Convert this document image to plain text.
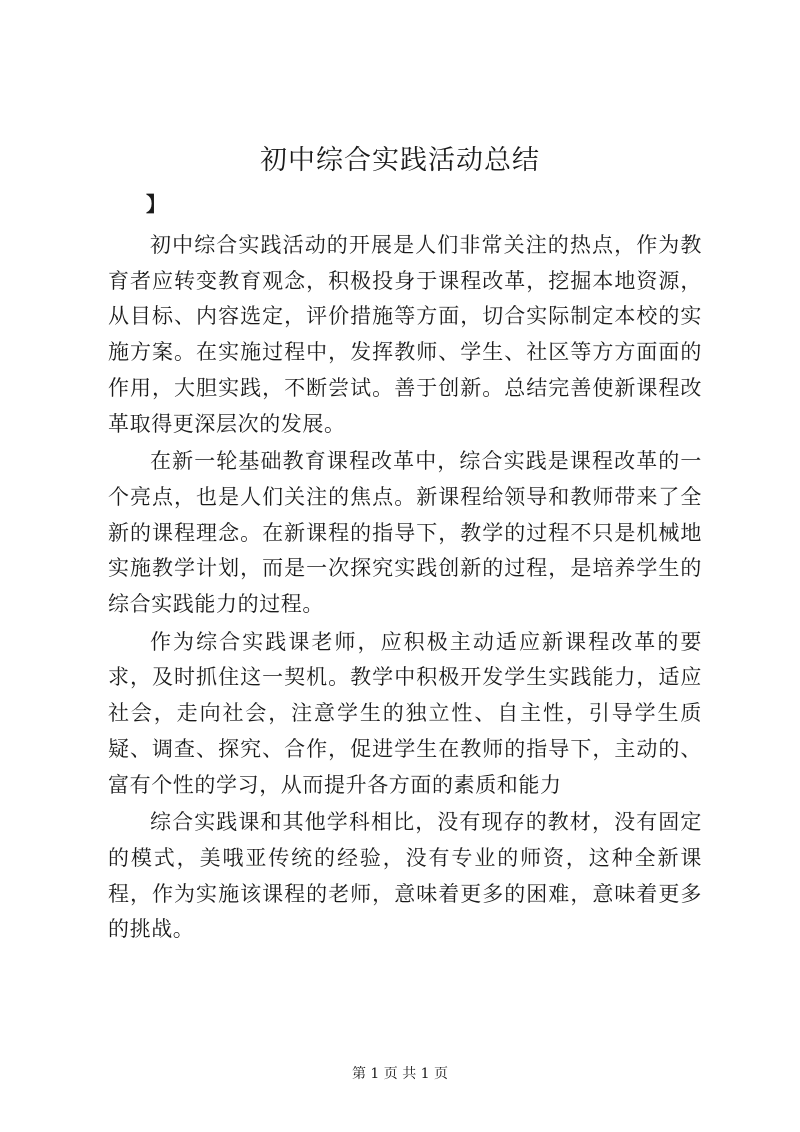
初中综合实践活动总结
】

初中综合实践活动的开展是人们非常关注的热点，作为教育者应转变教育观念，积极投身于课程改革，挖掘本地资源，从目标、内容选定，评价措施等方面，切合实际制定本校的实施方案。在实施过程中，发挥教师、学生、社区等方方面面的作用，大胆实践，不断尝试。善于创新。总结完善使新课程改革取得更深层次的发展。

在新一轮基础教育课程改革中，综合实践是课程改革的一个亮点，也是人们关注的焦点。新课程给领导和教师带来了全新的课程理念。在新课程的指导下，教学的过程不只是机械地实施教学计划，而是一次探究实践创新的过程，是培养学生的综合实践能力的过程。

作为综合实践课老师，应积极主动适应新课程改革的要求，及时抓住这一契机。教学中积极开发学生实践能力，适应社会，走向社会，注意学生的独立性、自主性，引导学生质疑、调查、探究、合作，促进学生在教师的指导下，主动的、富有个性的学习，从而提升各方面的素质和能力

综合实践课和其他学科相比，没有现存的教材，没有固定的模式，美哦亚传统的经验，没有专业的师资，这种全新课程，作为实施该课程的老师，意味着更多的困难，意味着更多的挑战。

第 1 页 共 1 页
